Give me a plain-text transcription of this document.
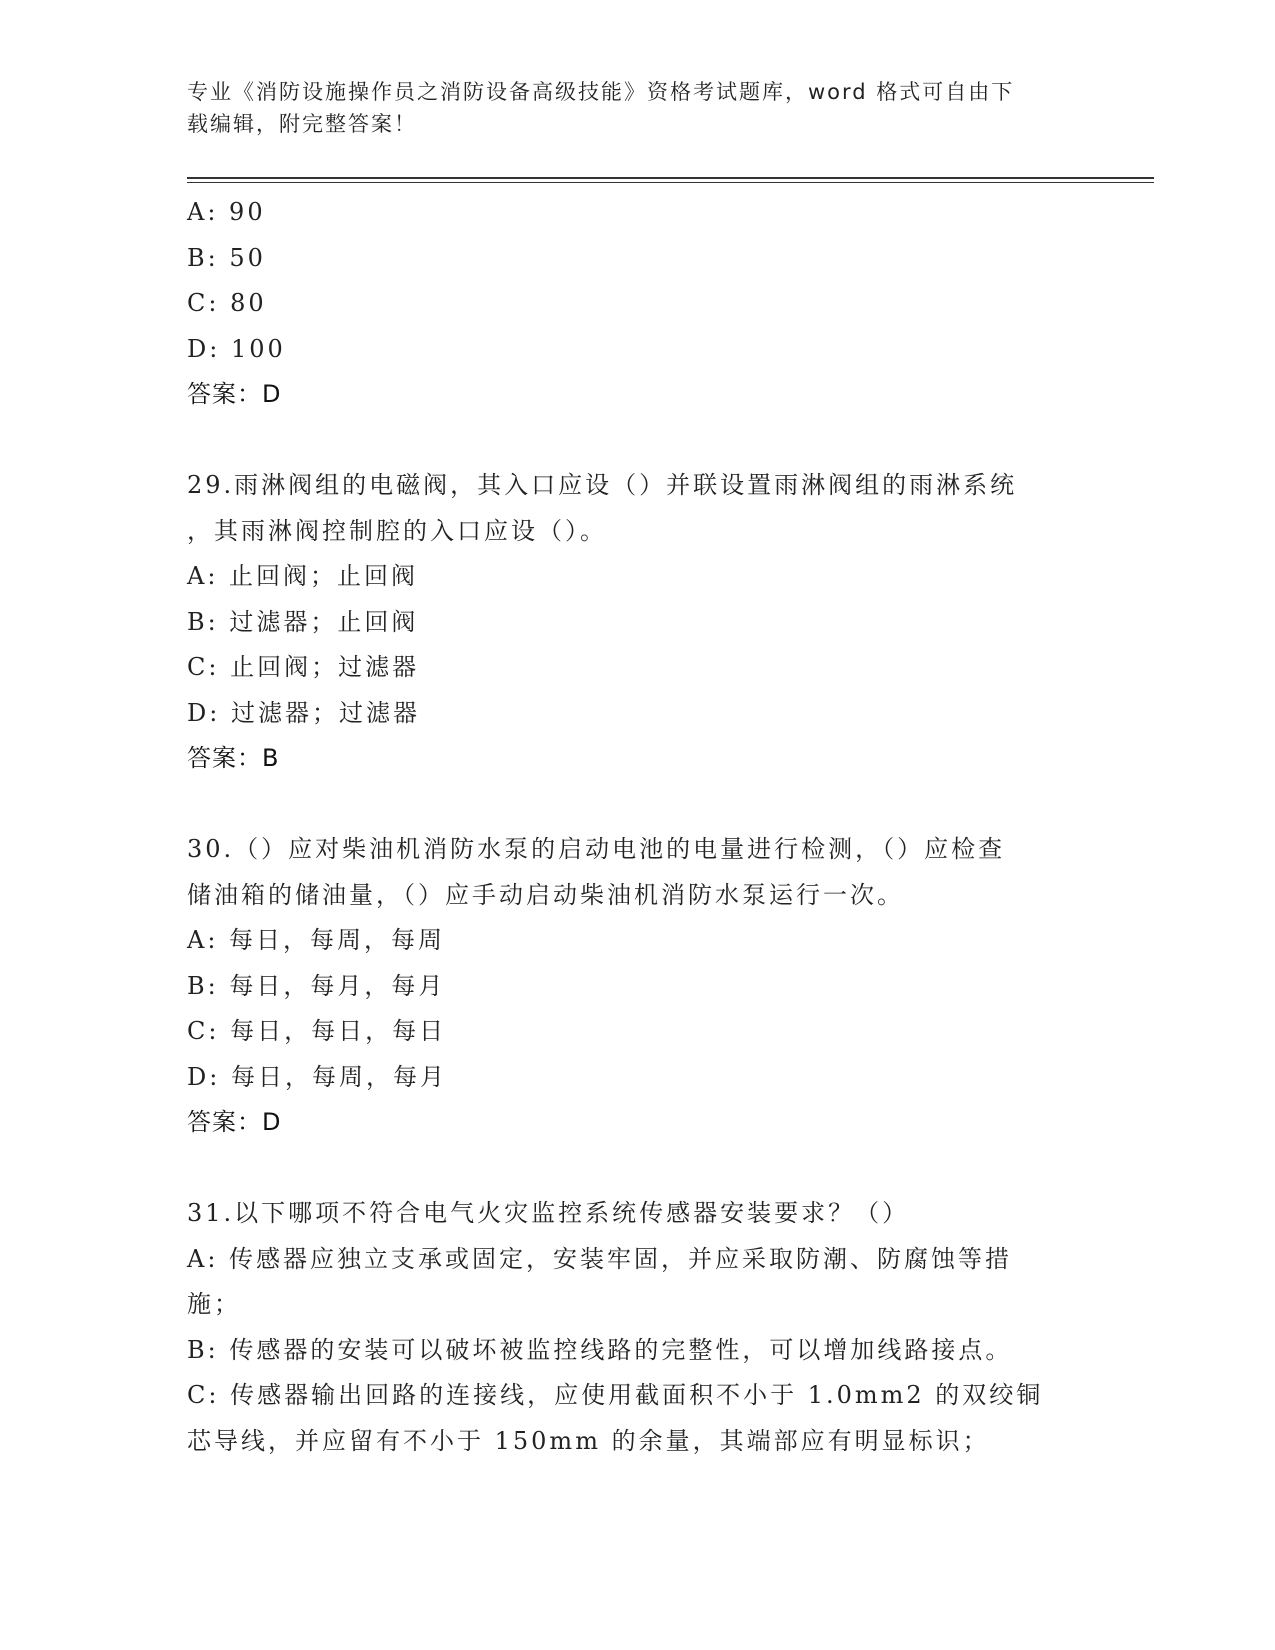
专业《消防设施操作员之消防设备高级技能》资格考试题库，word 格式可自由下
载编辑，附完整答案！
A: 90
B: 50
C: 80
D: 100
答案：D
29.雨淋阀组的电磁阀，其入口应设（）并联设置雨淋阀组的雨淋系统
，其雨淋阀控制腔的入口应设（）。
A: 止回阀；止回阀
B: 过滤器；止回阀
C: 止回阀；过滤器
D: 过滤器；过滤器
答案：B
30.（）应对柴油机消防水泵的启动电池的电量进行检测，（）应检查
储油箱的储油量，（）应手动启动柴油机消防水泵运行一次。
A: 每日，每周，每周
B: 每日，每月，每月
C: 每日，每日，每日
D: 每日，每周，每月
答案：D
31.以下哪项不符合电气火灾监控系统传感器安装要求？（）
A: 传感器应独立支承或固定，安装牢固，并应采取防潮、防腐蚀等措
施；
B: 传感器的安装可以破坏被监控线路的完整性，可以增加线路接点。
C: 传感器输出回路的连接线，应使用截面积不小于 1.0mm2 的双绞铜
芯导线，并应留有不小于 150mm 的余量，其端部应有明显标识；
